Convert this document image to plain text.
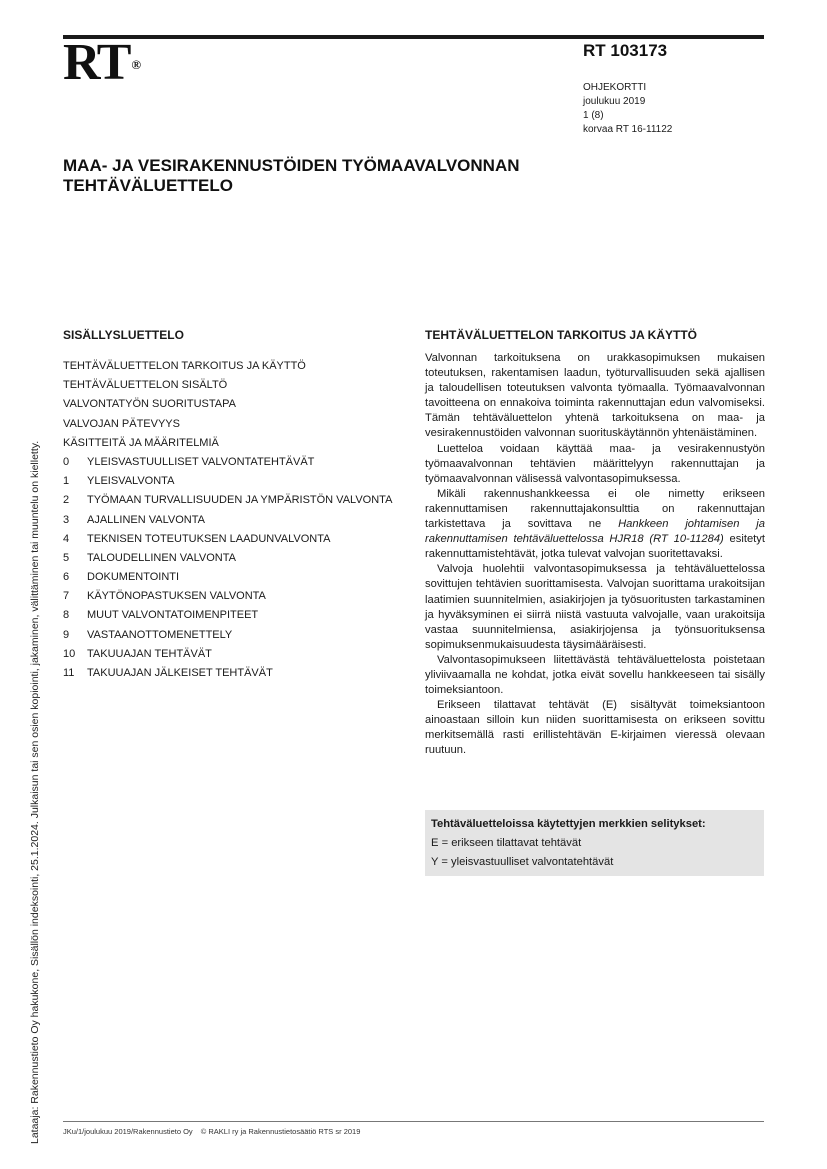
RT ®
RT 103173
OHJEKORTTI
joulukuu 2019
1 (8)
korvaa RT 16-11122
MAA- JA VESIRAKENNUSTÖIDEN TYÖMAAVALVONNAN
TEHTÄVÄLUETTELO
Lataaja: Rakennustieto Oy hakukone, Sisällön indeksointi, 25.1.2024. Julkaisun tai sen osien kopiointi, jakaminen, välittäminen tai muuntelu on kielletty.
SISÄLLYSLUETTELO
TEHTÄVÄLUETTELON TARKOITUS JA KÄYTTÖ
TEHTÄVÄLUETTELON SISÄLTÖ
VALVONTATYÖN SUORITUSTAPA
VALVOJAN PÄTEVYYS
KÄSITTEITÄ JA MÄÄRITELMIÄ
0 YLEISVASTUULLISET VALVONTATEHTÄVÄT
1 YLEISVALVONTA
2 TYÖMAAN TURVALLISUUDEN JA YMPÄRISTÖN VALVONTA
3 AJALLINEN VALVONTA
4 TEKNISEN TOTEUTUKSEN LAADUNVALVONTA
5 TALOUDELLINEN VALVONTA
6 DOKUMENTOINTI
7 KÄYTÖNOPASTUKSEN VALVONTA
8 MUUT VALVONTATOIMENPITEET
9 VASTAANOTTOMENETTELY
10 TAKUUAJAN TEHTÄVÄT
11 TAKUUAJAN JÄLKEISET TEHTÄVÄT
TEHTÄVÄLUETTELON TARKOITUS JA KÄYTTÖ

Valvonnan tarkoituksena on urakkasopimuksen mukaisen toteutuksen, rakentamisen laadun, työturvallisuuden sekä ajallisen ja taloudellisen toteutuksen valvonta työmaalla. Työmaavalvonnan tavoitteena on ennakoiva toiminta rakennuttajan edun valvomiseksi. Tämän tehtäväluettelon yhtenä tarkoituksena on maa- ja vesirakennustöiden valvonnan suorituskäytännön yhtenäistäminen.

Luetteloa voidaan käyttää maa- ja vesirakennustyön työmaavalvonnan tehtävien määrittelyyn rakennuttajan ja työmaavalvonnan välisessä valvontasopimuksessa.

Mikäli rakennushankkeessa ei ole nimetty erikseen rakennuttamisen rakennuttajakonsulttia on rakennuttajan tarkistettava ja sovittava ne Hankkeen johtamisen ja rakennuttamisen tehtäväluettelossa HJR18 (RT 10-11284) esitetyt rakennuttamistehtävät, jotka tulevat valvojan suoritettavaksi.

Valvoja huolehtii valvontasopimuksessa ja tehtäväluettelossa sovittujen tehtävien suorittamisesta. Valvojan suorittama urakoitsijan laatimien suunnitelmien, asiakirjojen ja työsuoritusten tarkastaminen ja hyväksyminen ei siirrä niistä vastuuta valvojalle, vaan urakoitsija vastaa suunnitelmiensa, asiakirjojensa ja työnsuorituksensa sopimuksenmukaisuudesta täysimääräisesti.

Valvontasopimukseen liitettävästä tehtäväluettelosta poistetaan yliviivaamalla ne kohdat, jotka eivät sovellu hankkeeseen tai sisälly toimeksiantoon.

Erikseen tilattavat tehtävät (E) sisältyvät toimeksiantoon ainoastaan silloin kun niiden suorittamisesta on erikseen sovittu merkitsemällä rasti erillistehtävän E-kirjaimen vieressä olevaan ruutuun.

Tehtäväluetteloissa käytettyjen merkkien selitykset:
E = erikseen tilattavat tehtävät
Y = yleisvastuulliset valvontatehtävät
JKu/1/joulukuu 2019/Rakennustieto Oy © RAKLI ry ja Rakennustietosäätiö RTS sr 2019
